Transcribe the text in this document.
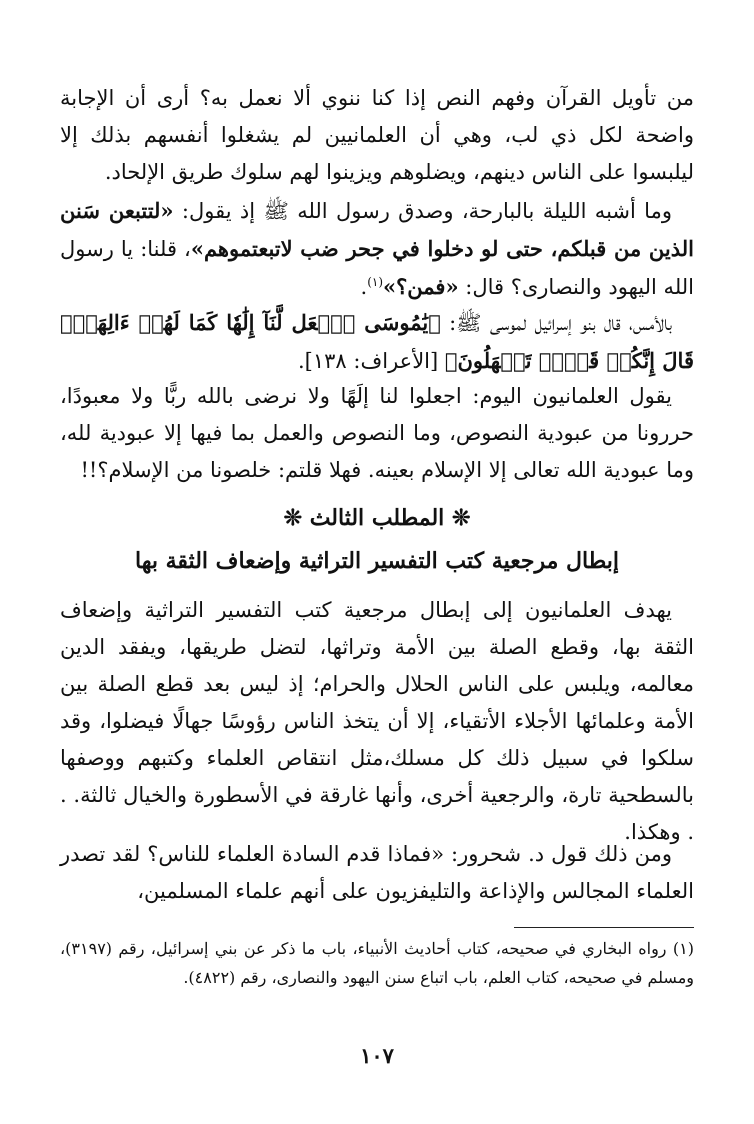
من تأويل القرآن وفهم النص إذا كنا ننوي ألا نعمل به؟ أرى أن الإجابة واضحة لكل ذي لب، وهي أن العلمانيين لم يشغلوا أنفسهم بذلك إلا ليلبسوا على الناس دينهم، ويضلوهم ويزينوا لهم سلوك طريق الإلحاد.

وما أشبه الليلة بالبارحة، وصدق رسول الله ﷺ إذ يقول: «لتتبعن سَنن الذين من قبلكم، حتى لو دخلوا في جحر ضب لاتبعتموهم»، قلنا: يا رسول الله اليهود والنصارى؟ قال: «فمن؟»$^{(١)}$.

بالأمس، قال بنو إسرائيل لموسى ﷺ: ﴿يَٰمُوسَى ٱجۡعَل لَّنَآ إِلَٰهٗا كَمَا لَهُمۡ ءَالِهَةٞۚ قَالَ إِنَّكُمۡ قَوۡمٞ تَجۡهَلُونَ﴾ [الأعراف: ١٣٨].

يقول العلمانيون اليوم: اجعلوا لنا إلَهًا ولا نرضى بالله ربًّا ولا معبودًا، حررونا من عبودية النصوص، وما النصوص والعمل بما فيها إلا عبودية لله، وما عبودية الله تعالى إلا الإسلام بعينه. فهلا قلتم: خلصونا من الإسلام؟!!

❊ المطلب الثالث ❊
إبطال مرجعية كتب التفسير التراثية وإضعاف الثقة بها

يهدف العلمانيون إلى إبطال مرجعية كتب التفسير التراثية وإضعاف الثقة بها، وقطع الصلة بين الأمة وتراثها، لتضل طريقها، ويفقد الدين معالمه، ويلبس على الناس الحلال والحرام؛ إذ ليس بعد قطع الصلة بين الأمة وعلمائها الأجلاء الأتقياء، إلا أن يتخذ الناس رؤوسًا جهالًا فيضلوا، وقد سلكوا في سبيل ذلك كل مسلك،مثل انتقاص العلماء وكتبهم ووصفها بالسطحية تارة، والرجعية أخرى، وأنها غارقة في الأسطورة والخيال ثالثة. . . وهكذا.

ومن ذلك قول د. شحرور: «فماذا قدم السادة العلماء للناس؟ لقد تصدر العلماء المجالس والإذاعة والتليفزيون على أنهم علماء المسلمين،

(١) رواه البخاري في صحيحه، كتاب أحاديث الأنبياء، باب ما ذكر عن بني إسرائيل، رقم (٣١٩٧)، ومسلم في صحيحه، كتاب العلم، باب اتباع سنن اليهود والنصارى، رقم (٤٨٢٢).

١٠٧
